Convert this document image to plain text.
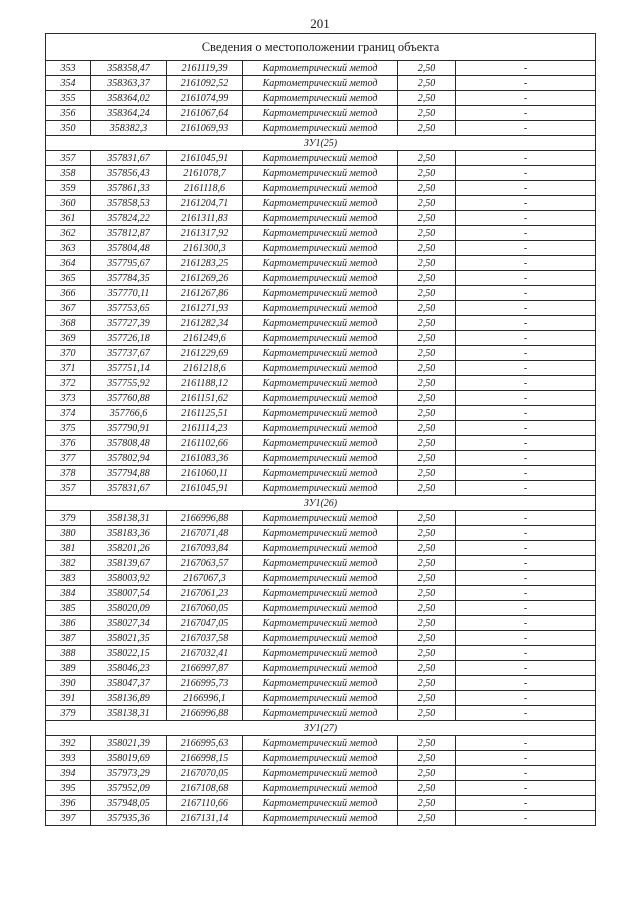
201
Сведения о местоположении границ объекта					
353	358358,47	2161119,39	Картометрический метод	2,50	-
354	358363,37	2161092,52	Картометрический метод	2,50	-
355	358364,02	2161074,99	Картометрический метод	2,50	-
356	358364,24	2161067,64	Картометрический метод	2,50	-
350	358382,3	2161069,93	Картометрический метод	2,50	-
ЗУ1(25)					
357	357831,67	2161045,91	Картометрический метод	2,50	-
358	357856,43	2161078,7	Картометрический метод	2,50	-
359	357861,33	2161118,6	Картометрический метод	2,50	-
360	357858,53	2161204,71	Картометрический метод	2,50	-
361	357824,22	2161311,83	Картометрический метод	2,50	-
362	357812,87	2161317,92	Картометрический метод	2,50	-
363	357804,48	2161300,3	Картометрический метод	2,50	-
364	357795,67	2161283,25	Картометрический метод	2,50	-
365	357784,35	2161269,26	Картометрический метод	2,50	-
366	357770,11	2161267,86	Картометрический метод	2,50	-
367	357753,65	2161271,93	Картометрический метод	2,50	-
368	357727,39	2161282,34	Картометрический метод	2,50	-
369	357726,18	2161249,6	Картометрический метод	2,50	-
370	357737,67	2161229,69	Картометрический метод	2,50	-
371	357751,14	2161218,6	Картометрический метод	2,50	-
372	357755,92	2161188,12	Картометрический метод	2,50	-
373	357760,88	2161151,62	Картометрический метод	2,50	-
374	357766,6	2161125,51	Картометрический метод	2,50	-
375	357790,91	2161114,23	Картометрический метод	2,50	-
376	357808,48	2161102,66	Картометрический метод	2,50	-
377	357802,94	2161083,36	Картометрический метод	2,50	-
378	357794,88	2161060,11	Картометрический метод	2,50	-
357	357831,67	2161045,91	Картометрический метод	2,50	-
ЗУ1(26)					
379	358138,31	2166996,88	Картометрический метод	2,50	-
380	358183,36	2167071,48	Картометрический метод	2,50	-
381	358201,26	2167093,84	Картометрический метод	2,50	-
382	358139,67	2167063,57	Картометрический метод	2,50	-
383	358003,92	2167067,3	Картометрический метод	2,50	-
384	358007,54	2167061,23	Картометрический метод	2,50	-
385	358020,09	2167060,05	Картометрический метод	2,50	-
386	358027,34	2167047,05	Картометрический метод	2,50	-
387	358021,35	2167037,58	Картометрический метод	2,50	-
388	358022,15	2167032,41	Картометрический метод	2,50	-
389	358046,23	2166997,87	Картометрический метод	2,50	-
390	358047,37	2166995,73	Картометрический метод	2,50	-
391	358136,89	2166996,1	Картометрический метод	2,50	-
379	358138,31	2166996,88	Картометрический метод	2,50	-
ЗУ1(27)					
392	358021,39	2166995,63	Картометрический метод	2,50	-
393	358019,69	2166998,15	Картометрический метод	2,50	-
394	357973,29	2167070,05	Картометрический метод	2,50	-
395	357952,09	2167108,68	Картометрический метод	2,50	-
396	357948,05	2167110,66	Картометрический метод	2,50	-
397	357935,36	2167131,14	Картометрический метод	2,50	-
